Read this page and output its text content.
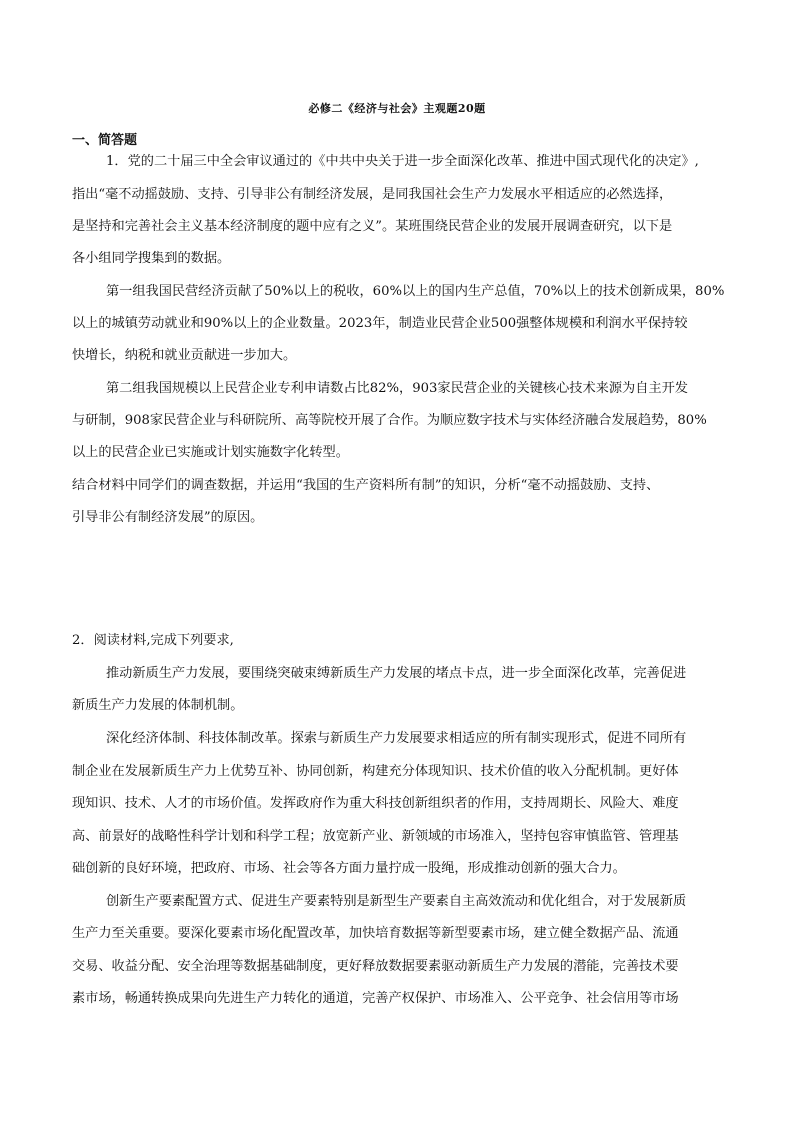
必修二《经济与社会》主观题20题
一、简答题
1．党的二十届三中全会审议通过的《中共中央关于进一步全面深化改革、推进中国式现代化的决定》,
指出“毫不动摇鼓励、支持、引导非公有制经济发展，是同我国社会生产力发展水平相适应的必然选择，
是坚持和完善社会主义基本经济制度的题中应有之义”。某班围绕民营企业的发展开展调查研究，以下是
各小组同学搜集到的数据。
第一组我国民营经济贡献了50%以上的税收，60%以上的国内生产总值，70%以上的技术创新成果，80%
以上的城镇劳动就业和90%以上的企业数量。2023年，制造业民营企业500强整体规模和利润水平保持较
快增长，纳税和就业贡献进一步加大。
第二组我国规模以上民营企业专利申请数占比82%，903家民营企业的关键核心技术来源为自主开发
与研制，908家民营企业与科研院所、高等院校开展了合作。为顺应数字技术与实体经济融合发展趋势，80%
以上的民营企业已实施或计划实施数字化转型。
结合材料中同学们的调查数据，并运用“我国的生产资料所有制”的知识，分析“毫不动摇鼓励、支持、
引导非公有制经济发展”的原因。
2．阅读材料,完成下列要求,
推动新质生产力发展，要围绕突破束缚新质生产力发展的堵点卡点，进一步全面深化改革，完善促进
新质生产力发展的体制机制。
深化经济体制、科技体制改革。探索与新质生产力发展要求相适应的所有制实现形式，促进不同所有
制企业在发展新质生产力上优势互补、协同创新，构建充分体现知识、技术价值的收入分配机制。更好体
现知识、技术、人才的市场价值。发挥政府作为重大科技创新组织者的作用，支持周期长、风险大、难度
高、前景好的战略性科学计划和科学工程；放宽新产业、新领域的市场准入，坚持包容审慎监管、管理基
础创新的良好环境，把政府、市场、社会等各方面力量拧成一股绳，形成推动创新的强大合力。
创新生产要素配置方式、促进生产要素特别是新型生产要素自主高效流动和优化组合，对于发展新质
生产力至关重要。要深化要素市场化配置改革，加快培育数据等新型要素市场，建立健全数据产品、流通
交易、收益分配、安全治理等数据基础制度，更好释放数据要素驱动新质生产力发展的潜能，完善技术要
素市场，畅通转换成果向先进生产力转化的通道，完善产权保护、市场准入、公平竞争、社会信用等市场
